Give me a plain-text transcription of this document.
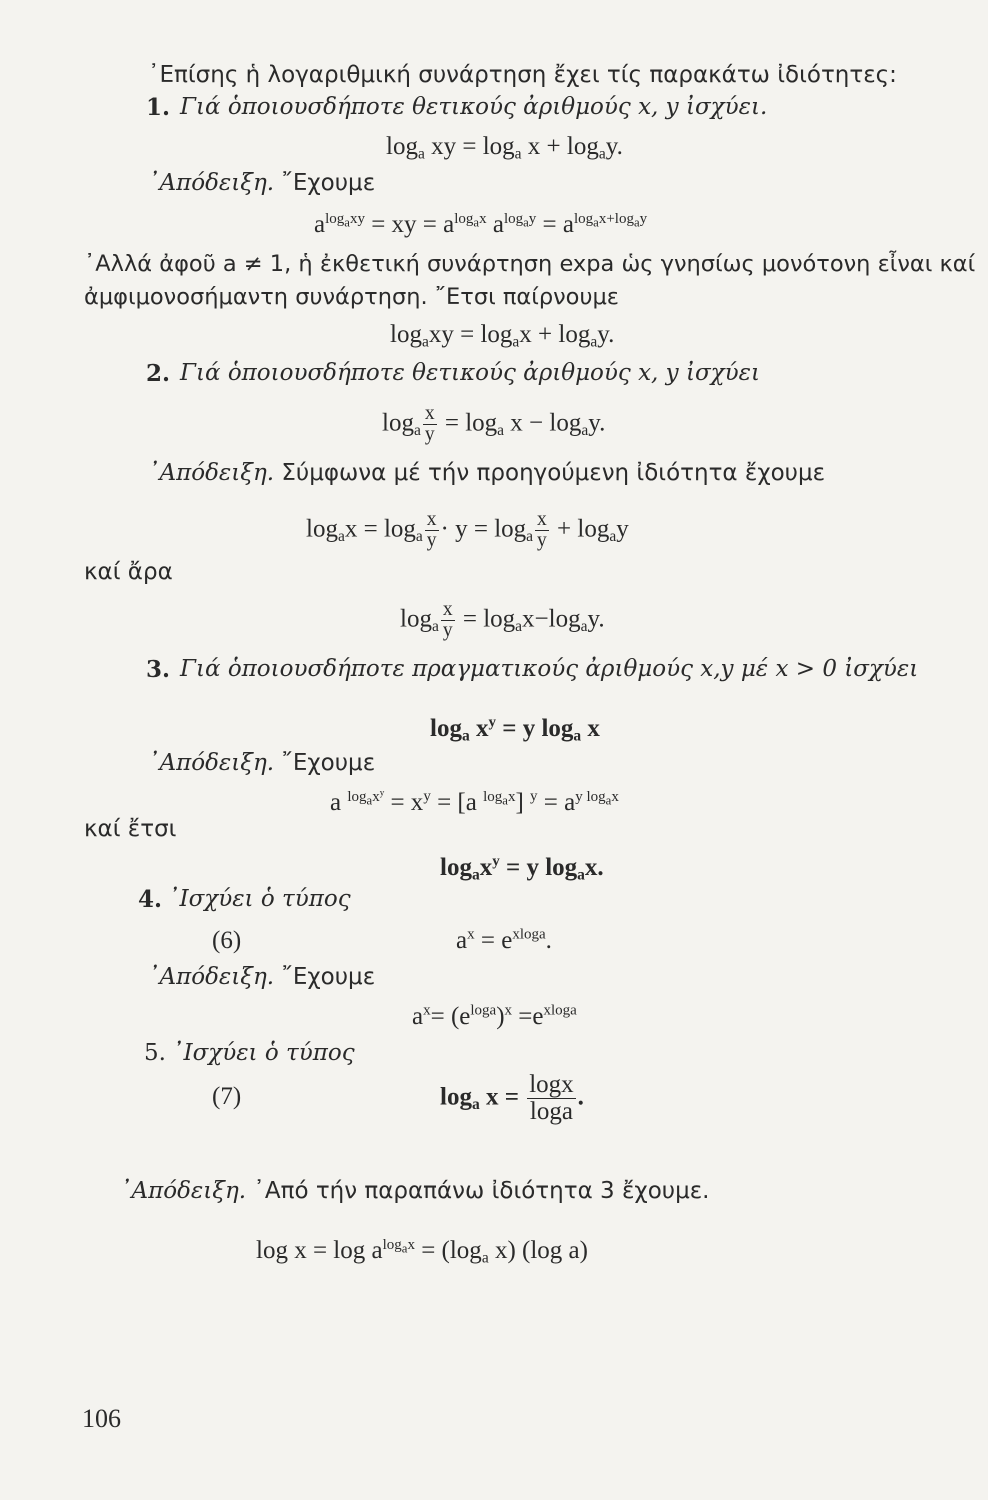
᾿Επίσης ἡ λογαριθμική συνάρτηση ἔχει τίς παρακάτω ἰδιότητες:
1. Γιά ὁποιουσδήποτε θετικούς ἀριθμούς x, y ἰσχύει.
$\log_a$ xy = $\log_a x + \log_ay$.
᾿Απόδειξη. ῎Εχουμε
$a^{log_axy}$ = xy = $a^{log_ax}$ $a^{log_ay} = a^{log_ax+log_ay}$
᾿Αλλά ἀφοῦ a ≠ 1, ἡ ἐκθετική συνάρτηση expa ὡς γνησίως μονότονη εἶναι καί
ἀμφιμονοσήμαντη συνάρτηση. ῎Ετσι παίρνουμε
$\log_axy = \log_ax + \log_ay$.
2. Γιά ὁποιουσδήποτε θετικούς ἀριθμούς x, y ἰσχύει
$\log_a \frac{x}{y} = \log_a x - \log_ay$.
᾿Απόδειξη. Σύμφωνα μέ τήν προηγούμενη ἰδιότητα ἔχουμε
$\log_ax = \log_a \frac{x}{y} \cdot y = \log_a \frac{x}{y} + \log_ay$
καί ἄρα
$\log_a \frac{x}{y} = \log_ax-\log_ay$.
3. Γιά ὁποιουσδήποτε πραγματικούς ἀριθμούς x,y μέ x > 0 ἰσχύει
$\log_a x^y = y$ $\log_a x$
᾿Απόδειξη. ῎Εχουμε
a $^{log_ax^y} = x^y = [a$ $^{log_ax}$] $^y = a^{y log_ax}$
καί ἔτσι
$\log_ax^y = y$ $\log_ax$.
4. ᾿Ισχύει ὁ τύπος
(6)	$a^x = e^{xloga}$.
᾿Απόδειξη. ῎Εχουμε
$a^x= (e^{loga})^x =e^{xloga}$
5. ᾿Ισχύει ὁ τύπος
(7)	$\log_a x = \frac{\log x}{\log a}$ .
᾿Απόδειξη. ᾿Από τήν παραπάνω ἰδιότητα 3 ἔχουμε.
$\log x = \log a^{log_ax} = (\log_a$ x) (log a)
106
